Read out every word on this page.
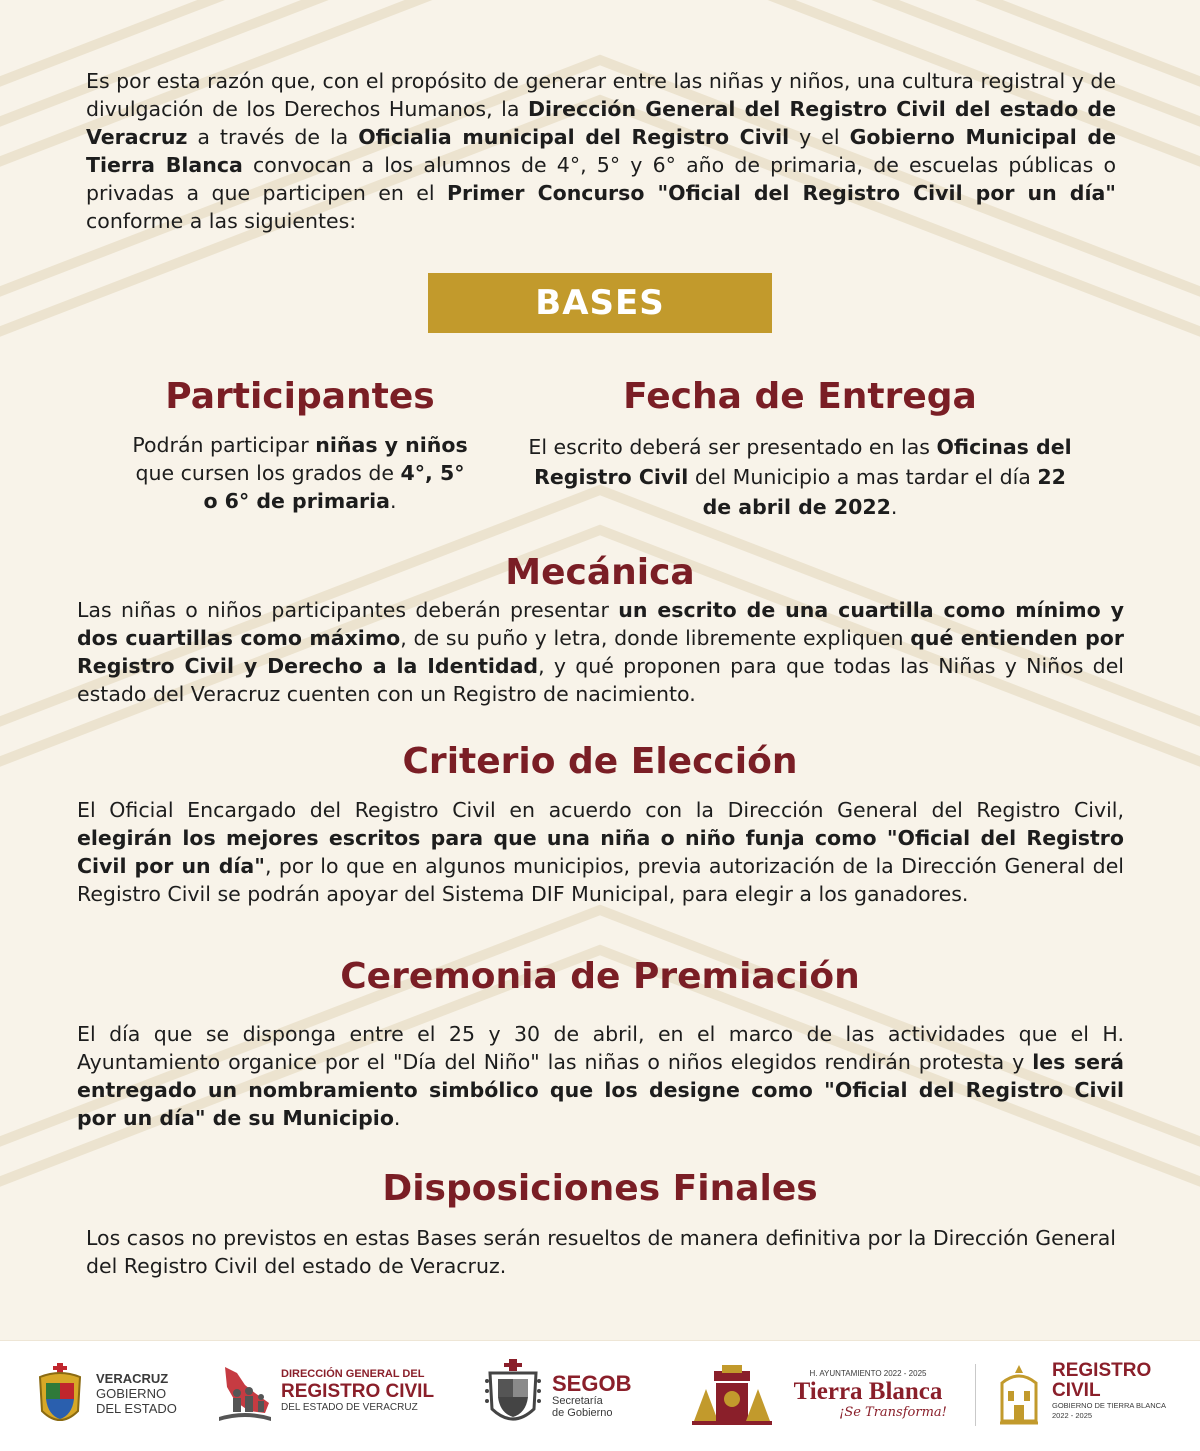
Es por esta razón que, con el propósito de generar entre las niñas y niños, una cultura registral y de divulgación de los Derechos Humanos, la Dirección General del Registro Civil del estado de Veracruz a través de la Oficialia municipal del Registro Civil y el Gobierno Municipal de Tierra Blanca convocan a los alumnos de 4°, 5° y 6° año de primaria, de escuelas públicas o privadas a que participen en el Primer Concurso "Oficial del Registro Civil por un día" conforme a las siguientes:

BASES
Participantes

Podrán participar niñas y niños que cursen los grados de 4°, 5° o 6° de primaria.

Fecha de Entrega

El escrito deberá ser presentado en las Oficinas del Registro Civil del Municipio a mas tardar el día 22 de abril de 2022.

Mecánica

Las niñas o niños participantes deberán presentar un escrito de una cuartilla como mínimo y dos cuartillas como máximo, de su puño y letra, donde libremente expliquen qué entienden por Registro Civil y Derecho a la Identidad, y qué proponen para que todas las Niñas y Niños del estado del Veracruz cuenten con un Registro de nacimiento.

Criterio de Elección

El Oficial Encargado del Registro Civil en acuerdo con la Dirección General del Registro Civil, elegirán los mejores escritos para que una niña o niño funja como "Oficial del Registro Civil por un día", por lo que en algunos municipios, previa autorización de la Dirección General del Registro Civil se podrán apoyar del Sistema DIF Municipal, para elegir a los ganadores.

Ceremonia de Premiación

El día que se disponga entre el 25 y 30 de abril, en el marco de las actividades que el H. Ayuntamiento organice por el "Día del Niño" las niñas o niños elegidos rendirán protesta y les será entregado un nombramiento simbólico que los designe como "Oficial del Registro Civil por un día" de su Municipio.

Disposiciones Finales

Los casos no previstos en estas Bases serán resueltos de manera definitiva por la Dirección General del Registro Civil del estado de Veracruz.

VERACRUZ
GOBIERNO
DEL ESTADO
DIRECCIÓN GENERAL DEL
REGISTRO CIVIL
DEL ESTADO DE VERACRUZ
SEGOB
Secretaría
de Gobierno
H. AYUNTAMIENTO 2022 - 2025
Tierra Blanca
¡Se Transforma!
REGISTRO
CIVIL
GOBIERNO DE TIERRA BLANCA
2022 - 2025
